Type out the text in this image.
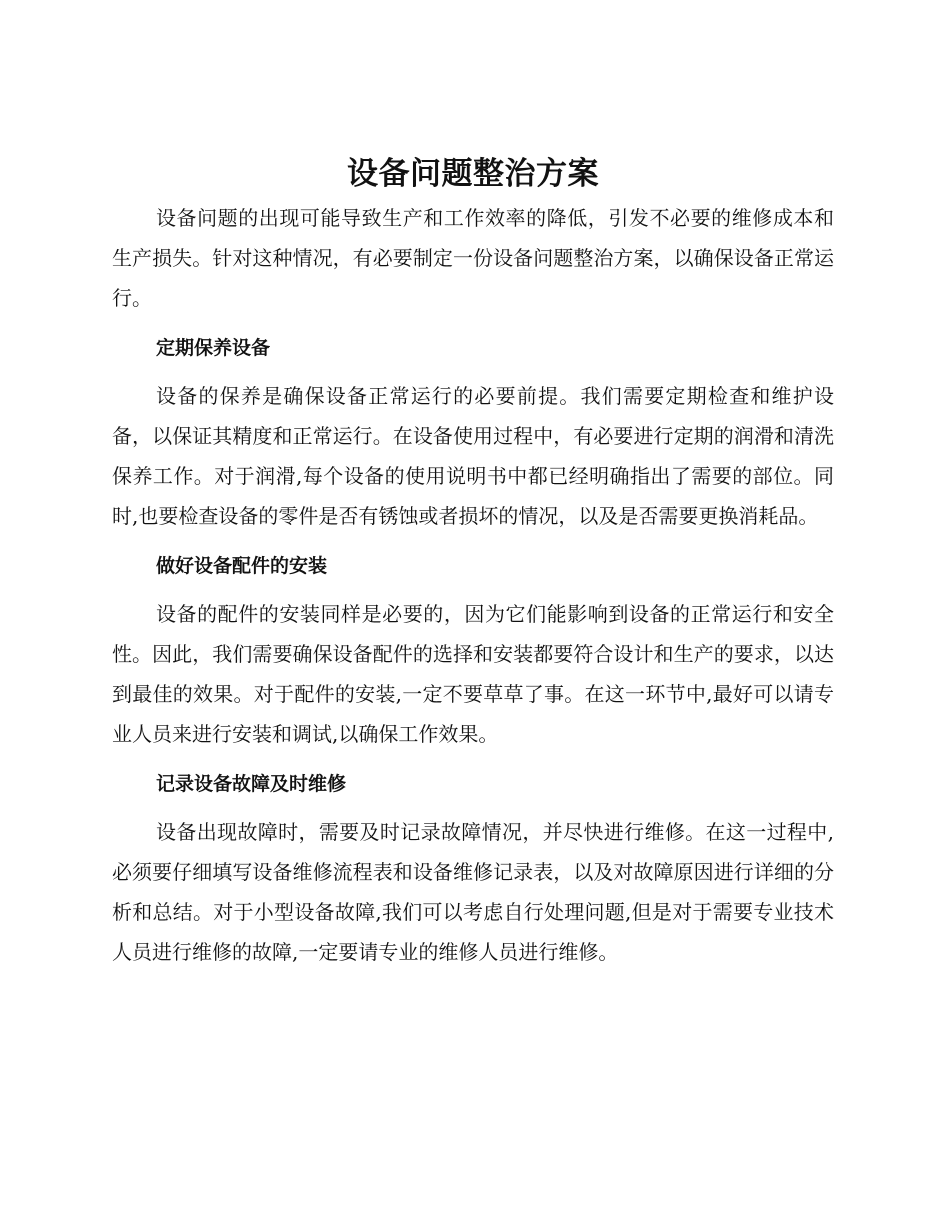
设备问题整治方案

设备问题的出现可能导致生产和工作效率的降低，引发不必要的维修成本和生产损失。针对这种情况，有必要制定一份设备问题整治方案，以确保设备正常运行。

定期保养设备

设备的保养是确保设备正常运行的必要前提。我们需要定期检查和维护设备，以保证其精度和正常运行。在设备使用过程中，有必要进行定期的润滑和清洗保养工作。对于润滑,每个设备的使用说明书中都已经明确指出了需要的部位。同时,也要检查设备的零件是否有锈蚀或者损坏的情况，以及是否需要更换消耗品。

做好设备配件的安装

设备的配件的安装同样是必要的，因为它们能影响到设备的正常运行和安全性。因此，我们需要确保设备配件的选择和安装都要符合设计和生产的要求，以达到最佳的效果。对于配件的安装,一定不要草草了事。在这一环节中,最好可以请专业人员来进行安装和调试,以确保工作效果。

记录设备故障及时维修

设备出现故障时，需要及时记录故障情况，并尽快进行维修。在这一过程中,必须要仔细填写设备维修流程表和设备维修记录表，以及对故障原因进行详细的分析和总结。对于小型设备故障,我们可以考虑自行处理问题,但是对于需要专业技术人员进行维修的故障,一定要请专业的维修人员进行维修。
